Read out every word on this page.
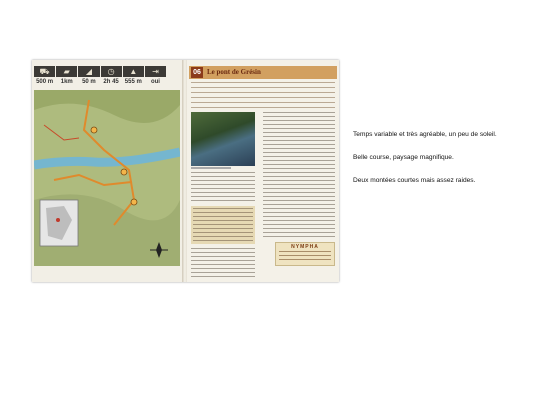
⛟
500 m
▰
1km
◢
50 m
◷
2h 45
▲
555 m
⇥
oui
06 Le pont de Grésin
NYMPHA
Temps variable et très agréable, un peu de soleil.
Belle course, paysage magnifique.
Deux montées courtes mais assez raides.
